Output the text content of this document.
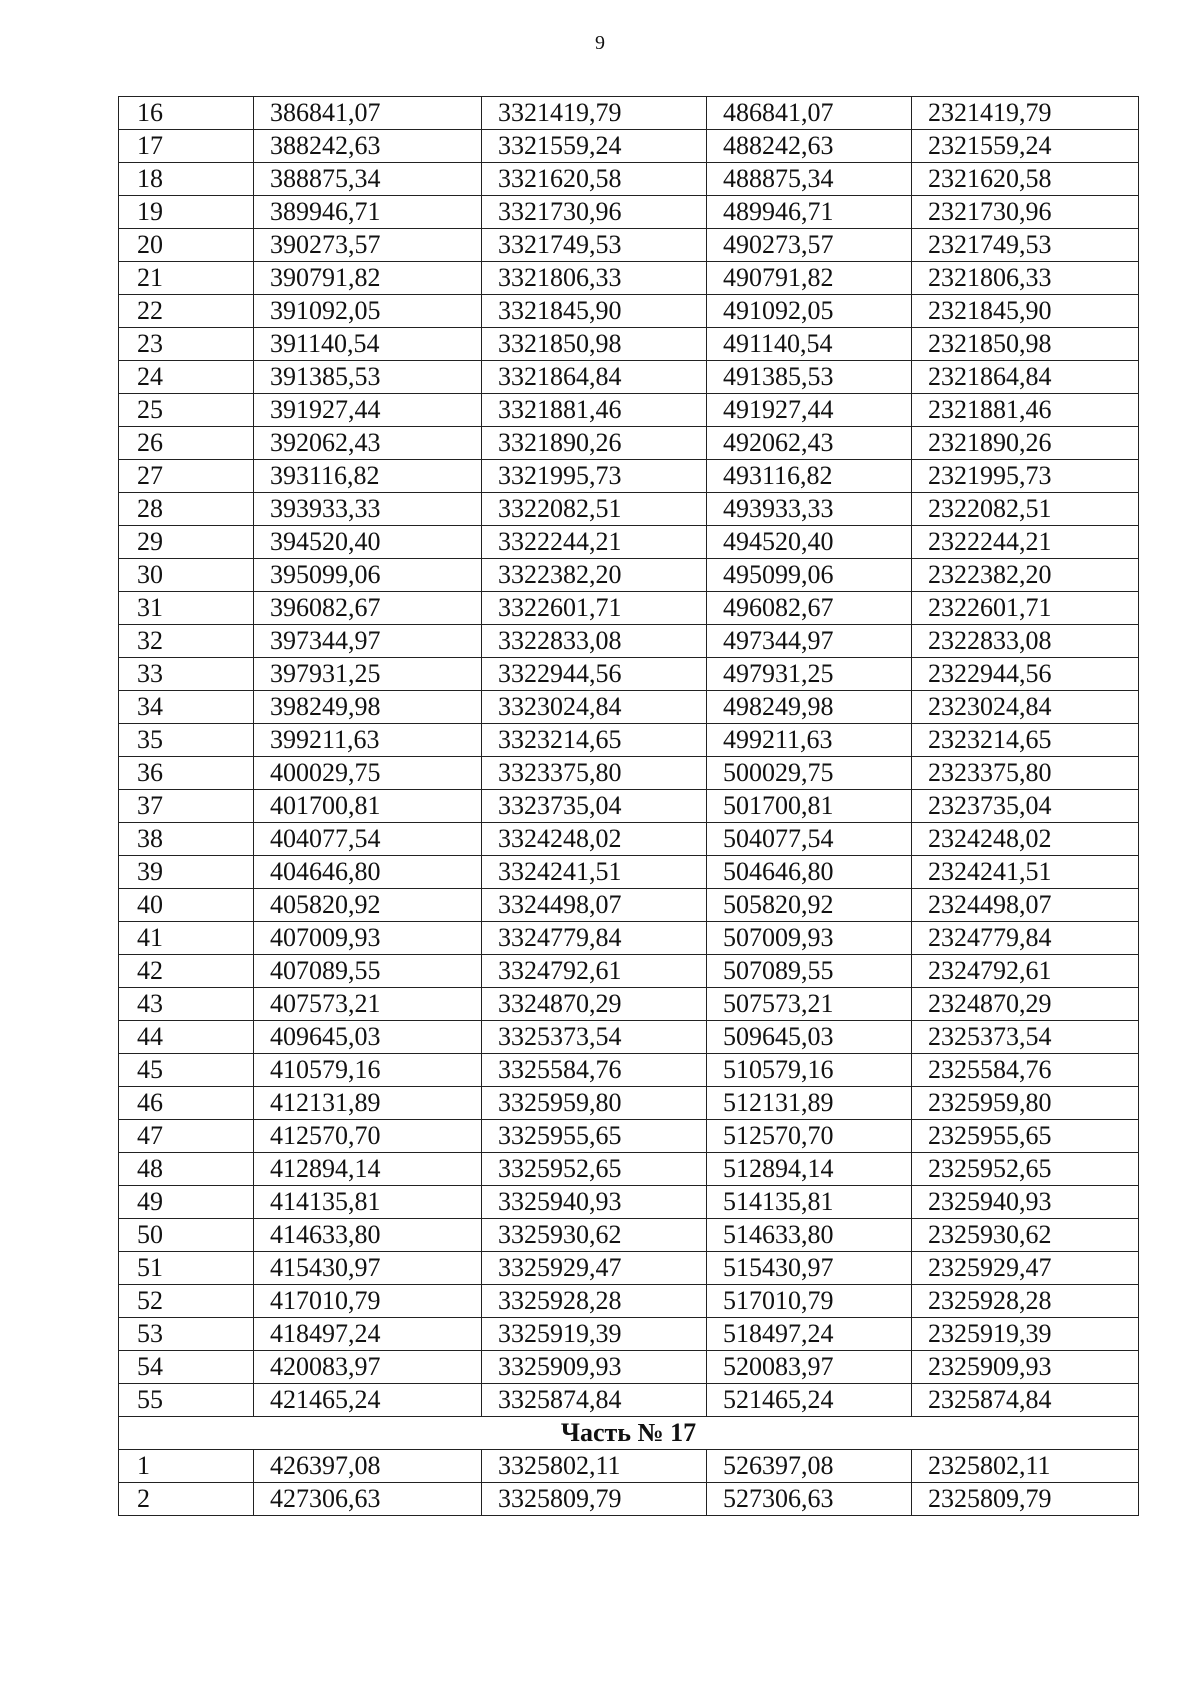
9
16	386841,07	3321419,79	486841,07	2321419,79
17	388242,63	3321559,24	488242,63	2321559,24
18	388875,34	3321620,58	488875,34	2321620,58
19	389946,71	3321730,96	489946,71	2321730,96
20	390273,57	3321749,53	490273,57	2321749,53
21	390791,82	3321806,33	490791,82	2321806,33
22	391092,05	3321845,90	491092,05	2321845,90
23	391140,54	3321850,98	491140,54	2321850,98
24	391385,53	3321864,84	491385,53	2321864,84
25	391927,44	3321881,46	491927,44	2321881,46
26	392062,43	3321890,26	492062,43	2321890,26
27	393116,82	3321995,73	493116,82	2321995,73
28	393933,33	3322082,51	493933,33	2322082,51
29	394520,40	3322244,21	494520,40	2322244,21
30	395099,06	3322382,20	495099,06	2322382,20
31	396082,67	3322601,71	496082,67	2322601,71
32	397344,97	3322833,08	497344,97	2322833,08
33	397931,25	3322944,56	497931,25	2322944,56
34	398249,98	3323024,84	498249,98	2323024,84
35	399211,63	3323214,65	499211,63	2323214,65
36	400029,75	3323375,80	500029,75	2323375,80
37	401700,81	3323735,04	501700,81	2323735,04
38	404077,54	3324248,02	504077,54	2324248,02
39	404646,80	3324241,51	504646,80	2324241,51
40	405820,92	3324498,07	505820,92	2324498,07
41	407009,93	3324779,84	507009,93	2324779,84
42	407089,55	3324792,61	507089,55	2324792,61
43	407573,21	3324870,29	507573,21	2324870,29
44	409645,03	3325373,54	509645,03	2325373,54
45	410579,16	3325584,76	510579,16	2325584,76
46	412131,89	3325959,80	512131,89	2325959,80
47	412570,70	3325955,65	512570,70	2325955,65
48	412894,14	3325952,65	512894,14	2325952,65
49	414135,81	3325940,93	514135,81	2325940,93
50	414633,80	3325930,62	514633,80	2325930,62
51	415430,97	3325929,47	515430,97	2325929,47
52	417010,79	3325928,28	517010,79	2325928,28
53	418497,24	3325919,39	518497,24	2325919,39
54	420083,97	3325909,93	520083,97	2325909,93
55	421465,24	3325874,84	521465,24	2325874,84
Часть № 17				
1	426397,08	3325802,11	526397,08	2325802,11
2	427306,63	3325809,79	527306,63	2325809,79
